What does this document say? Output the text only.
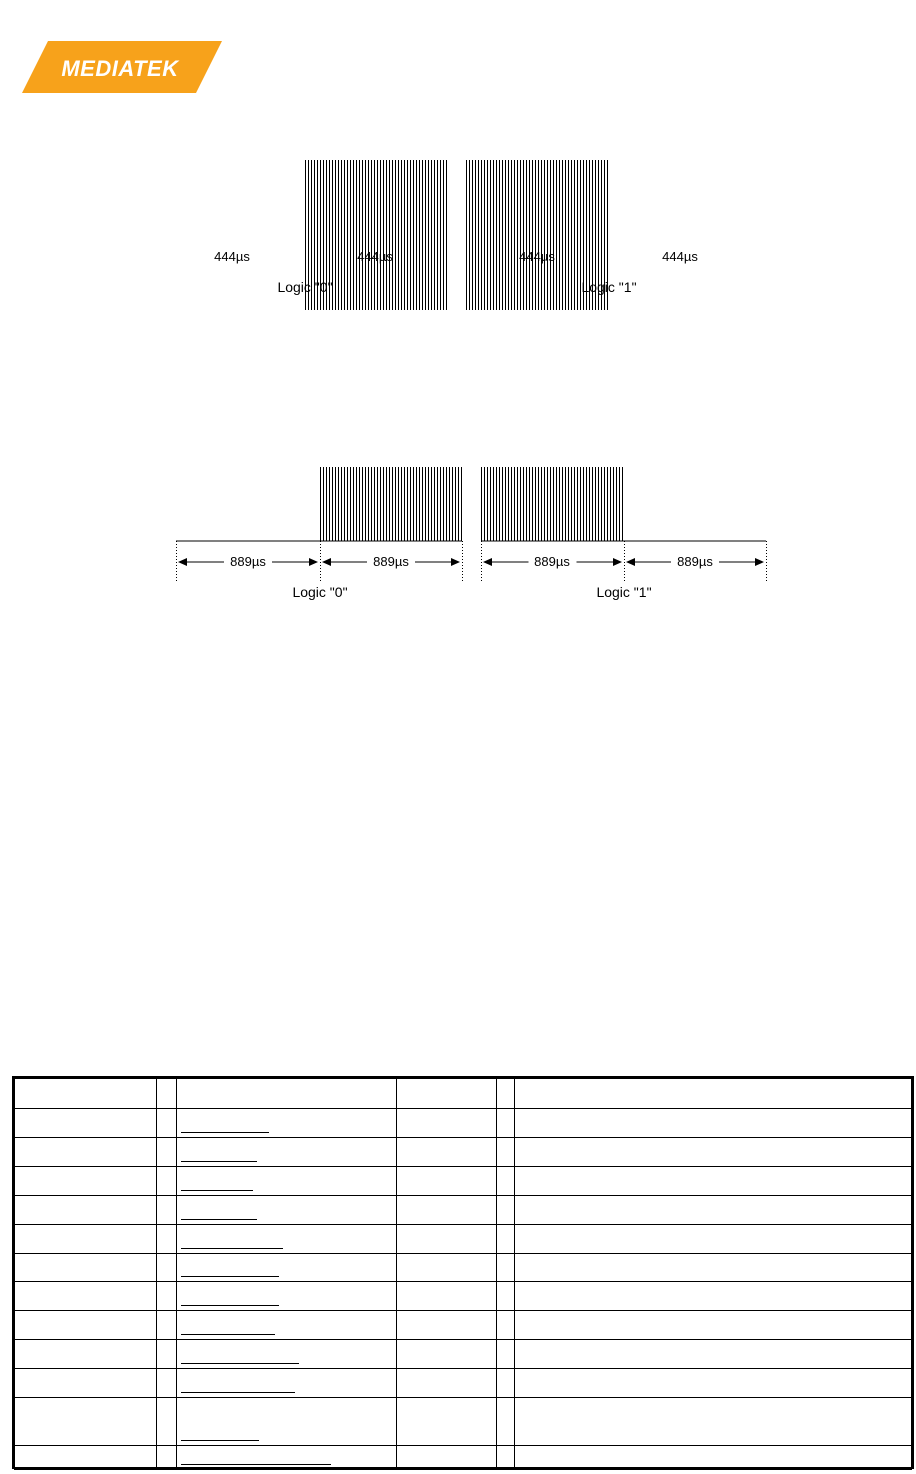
MEDIATEK
444µs	444µs	444µs	444µs
Logic "0"	Logic "1"
889µs	889µs	889µs	889µs
Logic "0"	Logic "1"
